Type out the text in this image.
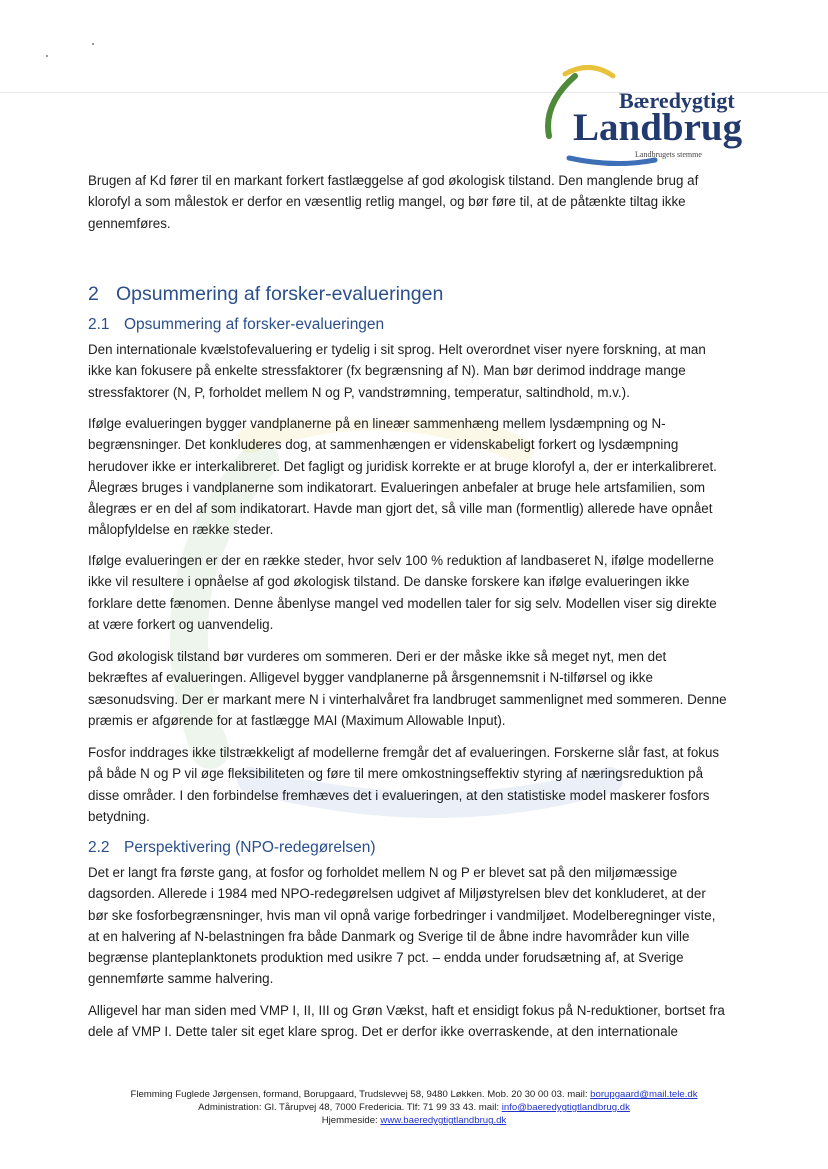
Bæredygtigt
Landbrug
Landbrugets stemme
Brugen af Kd fører til en markant forkert fastlæggelse af god økologisk tilstand. Den manglende brug af klorofyl a som målestok er derfor en væsentlig retlig mangel, og bør føre til, at de påtænkte tiltag ikke gennemføres.
2 Opsummering af forsker-evalueringen
2.1 Opsummering af forsker-evalueringen
Den internationale kvælstofevaluering er tydelig i sit sprog. Helt overordnet viser nyere forskning, at man ikke kan fokusere på enkelte stressfaktorer (fx begrænsning af N). Man bør derimod inddrage mange stressfaktorer (N, P, forholdet mellem N og P, vandstrømning, temperatur, saltindhold, m.v.).
Ifølge evalueringen bygger vandplanerne på en lineær sammenhæng mellem lysdæmpning og N-begrænsninger. Det konkluderes dog, at sammenhængen er videnskabeligt forkert og lysdæmpning herudover ikke er interkalibreret. Det fagligt og juridisk korrekte er at bruge klorofyl a, der er interkalibreret. Ålegræs bruges i vandplanerne som indikatorart. Evalueringen anbefaler at bruge hele artsfamilien, som ålegræs er en del af som indikatorart. Havde man gjort det, så ville man (formentlig) allerede have opnået målopfyldelse en række steder.
Ifølge evalueringen er der en række steder, hvor selv 100 % reduktion af landbaseret N, ifølge modellerne ikke vil resultere i opnåelse af god økologisk tilstand. De danske forskere kan ifølge evalueringen ikke forklare dette fænomen. Denne åbenlyse mangel ved modellen taler for sig selv. Modellen viser sig direkte at være forkert og uanvendelig.
God økologisk tilstand bør vurderes om sommeren. Deri er der måske ikke så meget nyt, men det bekræftes af evalueringen. Alligevel bygger vandplanerne på årsgennemsnit i N-tilførsel og ikke sæsonudsving. Der er markant mere N i vinterhalvåret fra landbruget sammenlignet med sommeren. Denne præmis er afgørende for at fastlægge MAI (Maximum Allowable Input).
Fosfor inddrages ikke tilstrækkeligt af modellerne fremgår det af evalueringen. Forskerne slår fast, at fokus på både N og P vil øge fleksibiliteten og føre til mere omkostningseffektiv styring af næringsreduktion på disse områder. I den forbindelse fremhæves det i evalueringen, at den statistiske model maskerer fosfors betydning.
2.2 Perspektivering (NPO-redegørelsen)
Det er langt fra første gang, at fosfor og forholdet mellem N og P er blevet sat på den miljømæssige dagsorden. Allerede i 1984 med NPO-redegørelsen udgivet af Miljøstyrelsen blev det konkluderet, at der bør ske fosforbegrænsninger, hvis man vil opnå varige forbedringer i vandmiljøet. Modelberegninger viste, at en halvering af N-belastningen fra både Danmark og Sverige til de åbne indre havområder kun ville begrænse planteplanktonets produktion med usikre 7 pct. – endda under forudsætning af, at Sverige gennemførte samme halvering.
Alligevel har man siden med VMP I, II, III og Grøn Vækst, haft et ensidigt fokus på N-reduktioner, bortset fra dele af VMP I. Dette taler sit eget klare sprog. Det er derfor ikke overraskende, at den internationale
Flemming Fuglede Jørgensen, formand, Borupgaard, Trudslevvej 58, 9480 Løkken. Mob. 20 30 00 03. mail: borupgaard@mail.tele.dk
Administration: Gl. Tårupvej 48, 7000 Fredericia. Tlf: 71 99 33 43. mail: info@baeredygtigtlandbrug.dk
Hjemmeside: www.baeredygtigtlandbrug.dk
